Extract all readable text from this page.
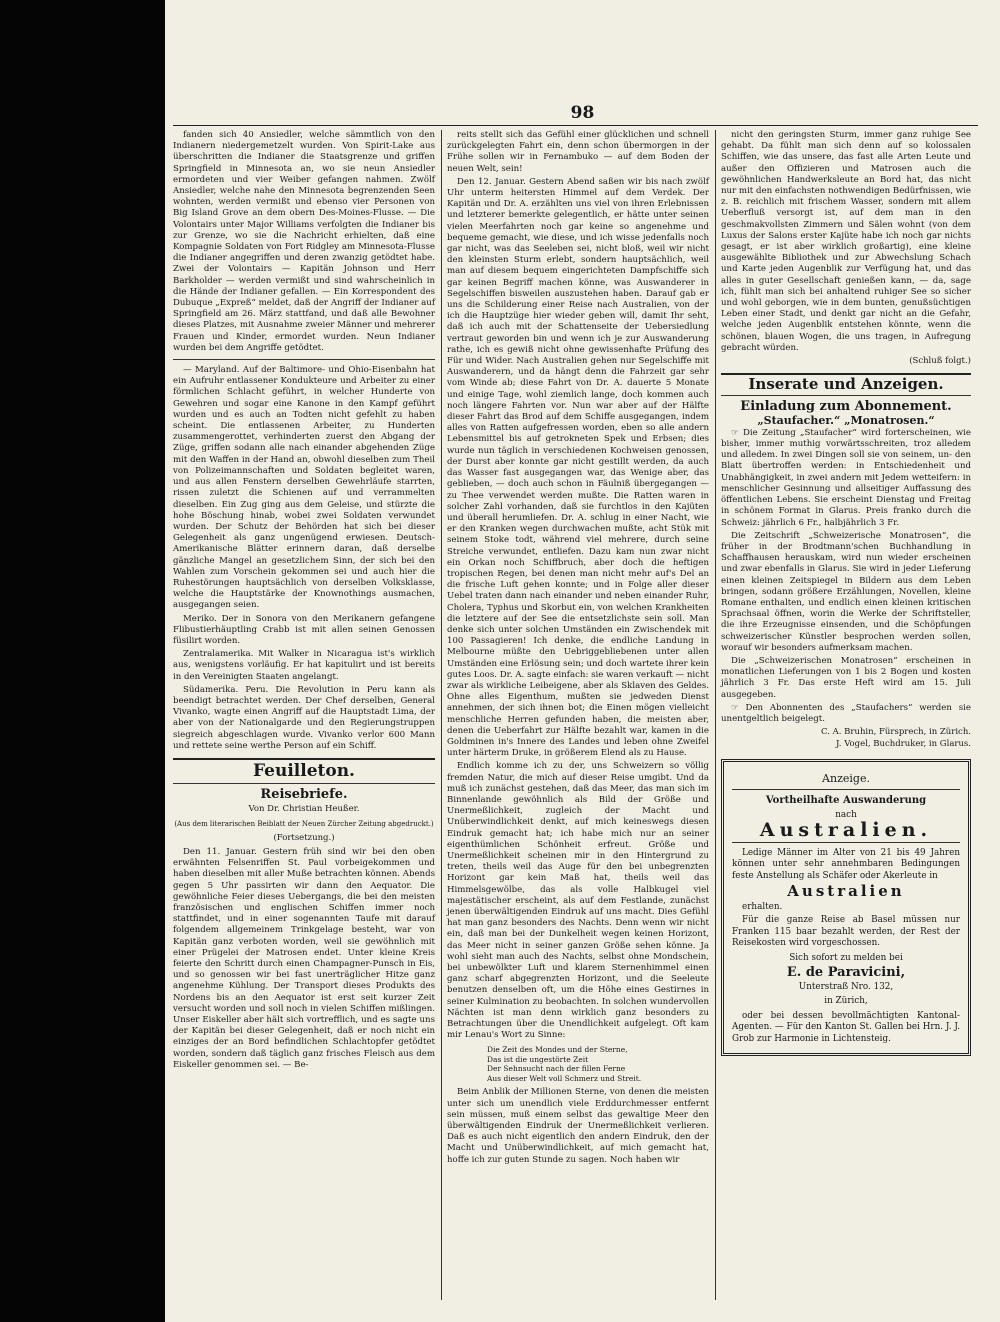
98

fanden sich 40 Ansiedler, welche sämmtlich von den Indianern niedergemetzelt wurden. Von Spirit-Lake aus überschritten die Indianer die Staatsgrenze und griffen Springfield in Minnesota an, wo sie neun Ansiedler ermordeten und vier Weiber gefangen nahmen. Zwölf Ansiedler, welche nahe den Minnesota begrenzenden Seen wohnten, werden vermißt und ebenso vier Personen von Big Island Grove an dem obern Des-Moines-Flusse. — Die Volontairs unter Major Williams verfolgten die Indianer bis zur Grenze, wo sie die Nachricht erhielten, daß eine Kompagnie Soldaten von Fort Ridgley am Minnesota-Flusse die Indianer angegriffen und deren zwanzig getödtet habe. Zwei der Volontairs — Kapitän Johnson und Herr Barkholder — werden vermißt und sind wahrscheinlich in die Hände der Indianer gefallen. — Ein Korrespondent des Dubuque „Expreß“ meldet, daß der Angriff der Indianer auf Springfield am 26. März stattfand, und daß alle Bewohner dieses Platzes, mit Ausnahme zweier Männer und mehrerer Frauen und Kinder, ermordet wurden. Neun Indianer wurden bei dem Angriffe getödtet.

— Maryland. Auf der Baltimore- und Ohio-Eisenbahn hat ein Aufruhr entlassener Kondukteure und Arbeiter zu einer förmlichen Schlacht geführt, in welcher Hunderte von Gewehren und sogar eine Kanone in den Kampf geführt wurden und es auch an Todten nicht gefehlt zu haben scheint. Die entlassenen Arbeiter, zu Hunderten zusammengerottet, verhinderten zuerst den Abgang der Züge, griffen sodann alle nach einander abgehenden Züge mit den Waffen in der Hand an, obwohl dieselben zum Theil von Polizeimannschaften und Soldaten begleitet waren, und aus allen Fenstern derselben Gewehrläufe starrten, rissen zuletzt die Schienen auf und verrammelten dieselben. Ein Zug ging aus dem Geleise, und stürzte die hohe Böschung hinab, wobei zwei Soldaten verwundet wurden. Der Schutz der Behörden hat sich bei dieser Gelegenheit als ganz ungenügend erwiesen. Deutsch-Amerikanische Blätter erinnern daran, daß derselbe gänzliche Mangel an gesetzlichem Sinn, der sich bei den Wahlen zum Vorschein gekommen sei und auch hier die Ruhestörungen hauptsächlich von derselben Volksklasse, welche die Hauptstärke der Knownothings ausmachen, ausgegangen seien.

Meriko. Der in Sonora von den Merikanern gefangene Flibustierhäuptling Crabb ist mit allen seinen Genossen füsilirt worden.

Zentralamerika. Mit Walker in Nicaragua ist's wirklich aus, wenigstens vorläufig. Er hat kapitulirt und ist bereits in den Vereinigten Staaten angelangt.

Südamerika. Peru. Die Revolution in Peru kann als beendigt betrachtet werden. Der Chef derselben, General Vivanko, wagte einen Angriff auf die Hauptstadt Lima, der aber von der Nationalgarde und den Regierungstruppen siegreich abgeschlagen wurde. Vivanko verlor 600 Mann und rettete seine werthe Person auf ein Schiff.

Feuilleton.
Reisebriefe.
Von Dr. Christian Heußer.
(Aus dem literarischen Beiblatt der Neuen Zürcher Zeitung abgedruckt.)
(Fortsetzung.)

Den 11. Januar. Gestern früh sind wir bei den oben erwähnten Felsenriffen St. Paul vorbeigekommen und haben dieselben mit aller Muße betrachten können. Abends gegen 5 Uhr passirten wir dann den Aequator. Die gewöhnliche Feier dieses Uebergangs, die bei den meisten französischen und englischen Schiffen immer noch stattfindet, und in einer sogenannten Taufe mit darauf folgendem allgemeinem Trinkgelage besteht, war von Kapitän ganz verboten worden, weil sie gewöhnlich mit einer Prügelei der Matrosen endet. Unter kleine Kreis feierte den Schritt durch einen Champagner-Punsch in Eis, und so genossen wir bei fast unerträglicher Hitze ganz angenehme Kühlung. Der Transport dieses Produkts des Nordens bis an den Aequator ist erst seit kurzer Zeit versucht worden und soll noch in vielen Schiffen mißlingen. Unser Eiskeller aber hält sich vortrefflich, und es sagte uns der Kapitän bei dieser Gelegenheit, daß er noch nicht ein einziges der an Bord befindlichen Schlachtopfer getödtet worden, sondern daß täglich ganz frisches Fleisch aus dem Eiskeller genommen sei. — Be-

reits stellt sich das Gefühl einer glücklichen und schnell zurückgelegten Fahrt ein, denn schon übermorgen in der Frühe sollen wir in Fernambuko — auf dem Boden der neuen Welt, sein!

Den 12. Januar. Gestern Abend saßen wir bis nach zwölf Uhr unterm heitersten Himmel auf dem Verdek. Der Kapitän und Dr. A. erzählten uns viel von ihren Erlebnissen und letzterer bemerkte gelegentlich, er hätte unter seinen vielen Meerfahrten noch gar keine so angenehme und bequeme gemacht, wie diese, und ich wisse jedenfalls noch gar nicht, was das Seeleben sei, nicht bloß, weil wir nicht den kleinsten Sturm erlebt, sondern hauptsächlich, weil man auf diesem bequem eingerichteten Dampfschiffe sich gar keinen Begriff machen könne, was Auswanderer in Segelschiffen bisweilen auszustehen haben. Darauf gab er uns die Schilderung einer Reise nach Australien, von der ich die Hauptzüge hier wieder geben will, damit Ihr seht, daß ich auch mit der Schattenseite der Uebersiedlung vertraut geworden bin und wenn ich je zur Auswanderung rathe, ich es gewiß nicht ohne gewissenhafte Prüfung des Für und Wider. Nach Australien gehen nur Segelschiffe mit Auswanderern, und da hängt denn die Fahrzeit gar sehr vom Winde ab; diese Fahrt von Dr. A. dauerte 5 Monate und einige Tage, wohl ziemlich lange, doch kommen auch noch längere Fahrten vor. Nun war aber auf der Hälfte dieser Fahrt das Brod auf dem Schiffe ausgegangen, indem alles von Ratten aufgefressen worden, eben so alle andern Lebensmittel bis auf getrokneten Spek und Erbsen; dies wurde nun täglich in verschiedenen Kochweisen genossen, der Durst aber konnte gar nicht gestillt werden, da auch das Wasser fast ausgegangen war, das Wenige aber, das geblieben, — doch auch schon in Fäulniß übergegangen — zu Thee verwendet werden mußte. Die Ratten waren in solcher Zahl vorhanden, daß sie furchtlos in den Kajüten und überall herumliefen. Dr. A. schlug in einer Nacht, wie er den Kranken wegen durchwachen mußte, acht Stük mit seinem Stoke todt, während viel mehrere, durch seine Streiche verwundet, entliefen. Dazu kam nun zwar nicht ein Orkan noch Schiffbruch, aber doch die heftigen tropischen Regen, bei denen man nicht mehr auf's Del an die frische Luft gehen konnte; und in Folge aller dieser Uebel traten dann nach einander und neben einander Ruhr, Cholera, Typhus und Skorbut ein, von welchen Krankheiten die letztere auf der See die entsetzlichste sein soll. Man denke sich unter solchen Umständen ein Zwischendek mit 100 Passagieren! Ich denke, die endliche Landung in Melbourne müßte den Uebriggebliebenen unter allen Umständen eine Erlösung sein; und doch wartete ihrer kein gutes Loos. Dr. A. sagte einfach: sie waren verkauft — nicht zwar als wirkliche Leibeigene, aber als Sklaven des Geldes. Ohne alles Eigenthum, mußten sie jedweden Dienst annehmen, der sich ihnen bot; die Einen mögen vielleicht menschliche Herren gefunden haben, die meisten aber, denen die Ueberfahrt zur Hälfte bezahlt war, kamen in die Goldminen in's Innere des Landes und leben ohne Zweifel unter härterm Druke, in größerem Elend als zu Hause.

Endlich komme ich zu der, uns Schweizern so völlig fremden Natur, die mich auf dieser Reise umgibt. Und da muß ich zunächst gestehen, daß das Meer, das man sich im Binnenlande gewöhnlich als Bild der Größe und Unermeßlichkeit, zugleich der Macht und Unüberwindlichkeit denkt, auf mich keineswegs diesen Eindruk gemacht hat; ich habe mich nur an seiner eigenthümlichen Schönheit erfreut. Größe und Unermeßlichkeit scheinen mir in den Hintergrund zu treten, theils weil das Auge für den bei unbegrenzten Horizont gar kein Maß hat, theils weil das Himmelsgewölbe, das als volle Halbkugel viel majestätischer erscheint, als auf dem Festlande, zunächst jenen überwältigenden Eindruk auf uns macht. Dies Gefühl hat man ganz besonders des Nachts. Denn wenn wir nicht ein, daß man bei der Dunkelheit wegen keinen Horizont, das Meer nicht in seiner ganzen Größe sehen könne. Ja wohl sieht man auch des Nachts, selbst ohne Mondschein, bei unbewölkter Luft und klarem Sternenhimmel einen ganz scharf abgegrenzten Horizont, und die Seeleute benutzen denselben oft, um die Höhe eines Gestirnes in seiner Kulmination zu beobachten. In solchen wundervollen Nächten ist man denn wirklich ganz besonders zu Betrachtungen über die Unendlichkeit aufgelegt. Oft kam mir Lenau's Wort zu Sinne:

Die Zeit des Mondes und der Sterne,
Das ist die ungestörte Zeit
Der Sehnsucht nach der fillen Ferne
Aus dieser Welt voll Schmerz und Streit.

Beim Anblik der Millionen Sterne, von denen die meisten unter sich um unendlich viele Erddurchmesser entfernt sein müssen, muß einem selbst das gewaltige Meer den überwältigenden Eindruk der Unermeßlichkeit verlieren. Daß es auch nicht eigentlich den andern Eindruk, den der Macht und Unüberwindlichkeit, auf mich gemacht hat, hoffe ich zur guten Stunde zu sagen. Noch haben wir

nicht den geringsten Sturm, immer ganz ruhige See gehabt. Da fühlt man sich denn auf so kolossalen Schiffen, wie das unsere, das fast alle Arten Leute und außer den Offizieren und Matrosen auch die gewöhnlichen Handwerksleute an Bord hat, das nicht nur mit den einfachsten nothwendigen Bedürfnissen, wie z. B. reichlich mit frischem Wasser, sondern mit allem Ueberfluß versorgt ist, auf dem man in den geschmakvollsten Zimmern und Sälen wohnt (von dem Luxus der Salons erster Kajüte habe ich noch gar nichts gesagt, er ist aber wirklich großartig), eine kleine ausgewählte Bibliothek und zur Abwechslung Schach und Karte jeden Augenblik zur Verfügung hat, und das alles in guter Gesellschaft genießen kann, — da, sage ich, fühlt man sich bei anhaltend ruhiger See so sicher und wohl geborgen, wie in dem bunten, genußsüchtigen Leben einer Stadt, und denkt gar nicht an die Gefahr, welche jeden Augenblik entstehen könnte, wenn die schönen, blauen Wogen, die uns tragen, in Aufregung gebracht würden.

(Schluß folgt.)
Inserate und Anzeigen.
Einladung zum Abonnement.
„Staufacher.“ „Monatrosen.“

☞ Die Zeitung „Staufacher“ wird forterscheinen, wie bisher, immer muthig vorwärtsschreiten, troz alledem und alledem. In zwei Dingen soll sie von seinem, un- den Blatt übertroffen werden: in Entschiedenheit und Unabhängigkeit, in zwei andern mit Jedem wetteifern: in menschlicher Gesinnung und allseitiger Auffassung des öffentlichen Lebens. Sie erscheint Dienstag und Freitag in schönem Format in Glarus. Preis franko durch die Schweiz: jährlich 6 Fr., halbjährlich 3 Fr.

Die Zeitschrift „Schweizerische Monatrosen“, die früher in der Brodtmann'schen Buchhandlung in Schaffhausen herauskam, wird nun wieder erscheinen und zwar ebenfalls in Glarus. Sie wird in jeder Lieferung einen kleinen Zeitspiegel in Bildern aus dem Leben bringen, sodann größere Erzählungen, Novellen, kleine Romane enthalten, und endlich einen kleinen kritischen Sprachsaal öffnen, worin die Werke der Schriftsteller, die ihre Erzeugnisse einsenden, und die Schöpfungen schweizerischer Künstler besprochen werden sollen, worauf wir besonders aufmerksam machen.

Die „Schweizerischen Monatrosen“ erscheinen in monatlichen Lieferungen von 1 bis 2 Bogen und kosten jährlich 3 Fr. Das erste Heft wird am 15. Juli ausgegeben.

☞ Den Abonnenten des „Staufachers“ werden sie unentgeltlich beigelegt.

C. A. Bruhin, Fürsprech, in Zürich.
J. Vogel, Buchdruker, in Glarus.
Anzeige.
Vortheilhafte Auswanderung
nach
Australien.

Ledige Männer im Alter von 21 bis 49 Jahren können unter sehr annehmbaren Bedingungen feste Anstellung als Schäfer oder Akerleute in

Australien

erhalten.

Für die ganze Reise ab Basel müssen nur Franken 115 baar bezahlt werden, der Rest der Reisekosten wird vorgeschossen.

Sich sofort zu melden bei
E. de Paravicini,
Unterstraß Nro. 132,
in Zürich,

oder bei dessen bevollmächtigten Kantonal-Agenten. — Für den Kanton St. Gallen bei Hrn. J. J. Grob zur Harmonie in Lichtensteig.
